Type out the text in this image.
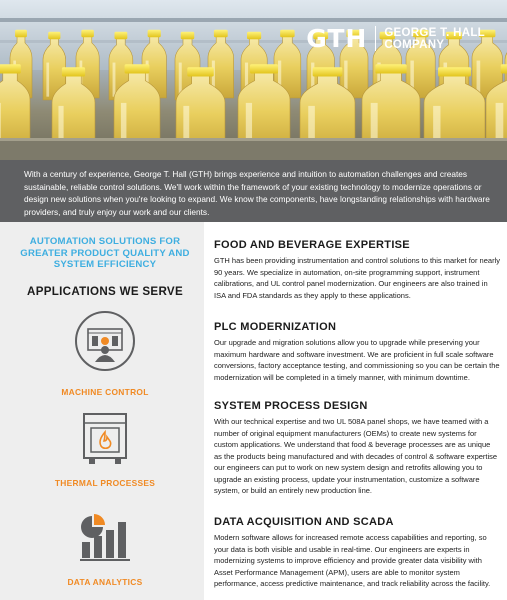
GTH	GEORGE T. HALL
COMPANY
With a century of experience, George T. Hall (GTH) brings experience and intuition to automation challenges and creates sustainable, reliable control solutions. We'll work within the framework of your existing technology to modernize operations or design new solutions when you're looking to expand. We know the components, have longstanding relationships with hardware providers, and truly enjoy our work and our clients.
AUTOMATION SOLUTIONS FOR GREATER PRODUCT QUALITY AND SYSTEM EFFICIENCY
APPLICATIONS WE SERVE
MACHINE CONTROL
THERMAL PROCESSES
DATA ANALYTICS
FOOD AND BEVERAGE EXPERTISE

GTH has been providing instrumentation and control solutions to this market for nearly 90 years. We specialize in automation, on-site programming support, instrument calibrations, and UL control panel modernization. Our engineers are also trained in ISA and FDA standards as they apply to these applications.

PLC MODERNIZATION

Our upgrade and migration solutions allow you to upgrade while preserving your maximum hardware and software investment. We are proficient in full scale software conversions, factory acceptance testing, and commissioning so you can be certain the modernization will be completed in a timely manner, with minimum downtime.

SYSTEM PROCESS DESIGN

With our technical expertise and two UL 508A panel shops, we have teamed with a number of original equipment manufacturers (OEMs) to create new systems for custom applications. We understand that food & beverage processes are as unique as the products being manufactured and with decades of control & software expertise our engineers can put to work on new system design and retrofits allowing you to upgrade an existing process, update your instrumentation, customize a software system, or build an entirely new production line.

DATA ACQUISITION AND SCADA

Modern software allows for increased remote access capabilities and reporting, so your data is both visible and usable in real-time. Our engineers are experts in modernizing systems to improve efficiency and provide greater data visibility with Asset Performance Management (APM), users are able to monitor system performance, access predictive maintenance, and track reliability across the facility.
